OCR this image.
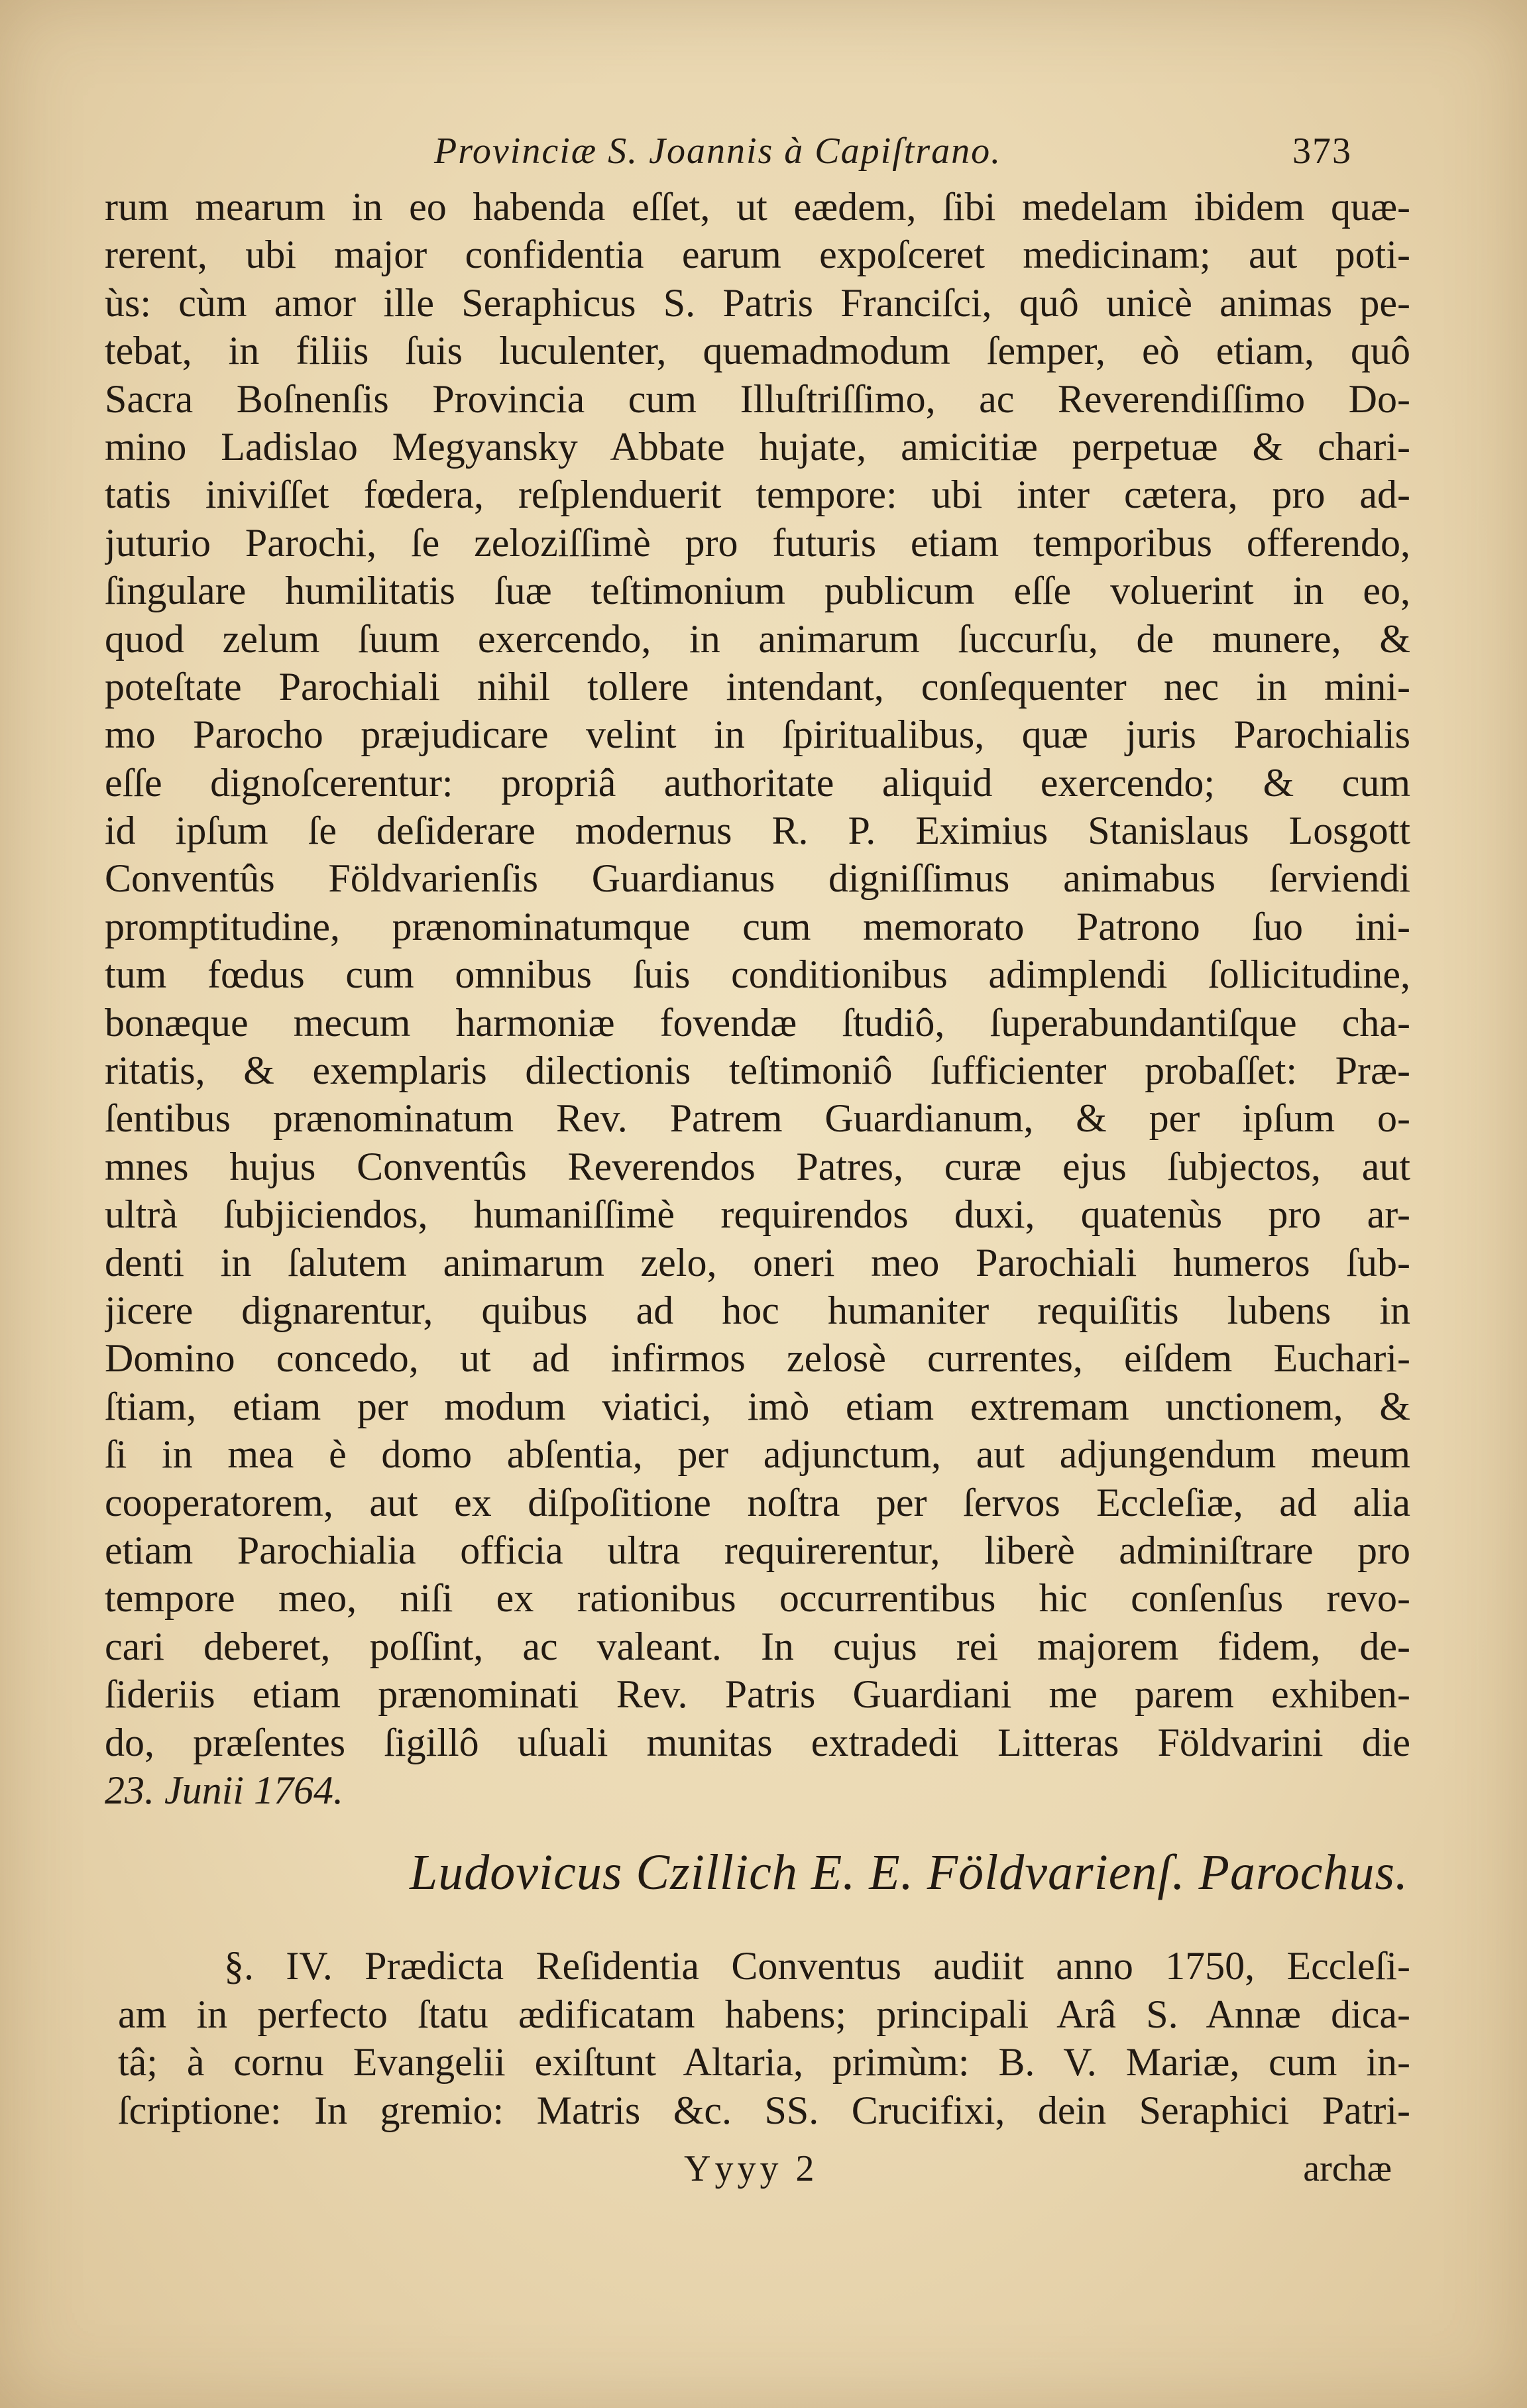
Provinciæ S. Joannis à Capiſtrano.	373
rum mearum in eo habenda eſſet, ut eædem, ſibi medelam ibidem quæ-
rerent, ubi major confidentia earum expoſceret medicinam; aut poti-
ùs: cùm amor ille Seraphicus S. Patris Franciſci, quô unicè animas pe-
tebat, in filiis ſuis luculenter, quemadmodum ſemper, eò etiam, quô
Sacra Boſnenſis Provincia cum Illuſtriſſimo, ac Reverendiſſimo Do-
mino Ladislao Megyansky Abbate hujate, amicitiæ perpetuæ & chari-
tatis iniviſſet fœdera, reſplenduerit tempore: ubi inter cætera, pro ad-
juturio Parochi, ſe zeloziſſimè pro futuris etiam temporibus offerendo,
ſingulare humilitatis ſuæ teſtimonium publicum eſſe voluerint in eo,
quod zelum ſuum exercendo, in animarum ſuccurſu, de munere, &
poteſtate Parochiali nihil tollere intendant, conſequenter nec in mini-
mo Parocho præjudicare velint in ſpiritualibus, quæ juris Parochialis
eſſe dignoſcerentur: propriâ authoritate aliquid exercendo; & cum
id ipſum ſe deſiderare modernus R. P. Eximius Stanislaus Losgott
Conventûs Földvarienſis Guardianus digniſſimus animabus ſerviendi
promptitudine, prænominatumque cum memorato Patrono ſuo ini-
tum fœdus cum omnibus ſuis conditionibus adimplendi ſollicitudine,
bonæque mecum harmoniæ fovendæ ſtudiô, ſuperabundantiſque cha-
ritatis, & exemplaris dilectionis teſtimoniô ſufficienter probaſſet: Præ-
ſentibus prænominatum Rev. Patrem Guardianum, & per ipſum o-
mnes hujus Conventûs Reverendos Patres, curæ ejus ſubjectos, aut
ultrà ſubjiciendos, humaniſſimè requirendos duxi, quatenùs pro ar-
denti in ſalutem animarum zelo, oneri meo Parochiali humeros ſub-
jicere dignarentur, quibus ad hoc humaniter requiſitis lubens in
Domino concedo, ut ad infirmos zelosè currentes, eiſdem Euchari-
ſtiam, etiam per modum viatici, imò etiam extremam unctionem, &
ſi in mea è domo abſentia, per adjunctum, aut adjungendum meum
cooperatorem, aut ex diſpoſitione noſtra per ſervos Eccleſiæ, ad alia
etiam Parochialia officia ultra requirerentur, liberè adminiſtrare pro
tempore meo, niſi ex rationibus occurrentibus hic conſenſus revo-
cari deberet, poſſint, ac valeant. In cujus rei majorem fidem, de-
ſideriis etiam prænominati Rev. Patris Guardiani me parem exhiben-
do, præſentes ſigillô uſuali munitas extradedi Litteras Földvarini die
23. Junii 1764.
Ludovicus Czillich E. E. Földvarienſ. Parochus.
§. IV. Prædicta Reſidentia Conventus audiit anno 1750, Eccleſi-
am in perfecto ſtatu ædificatam habens; principali Arâ S. Annæ dica-
tâ; à cornu Evangelii exiſtunt Altaria, primùm: B. V. Mariæ, cum in-
ſcriptione: In gremio: Matris &c. SS. Crucifixi, dein Seraphici Patri-
Yyyy 2	archæ
